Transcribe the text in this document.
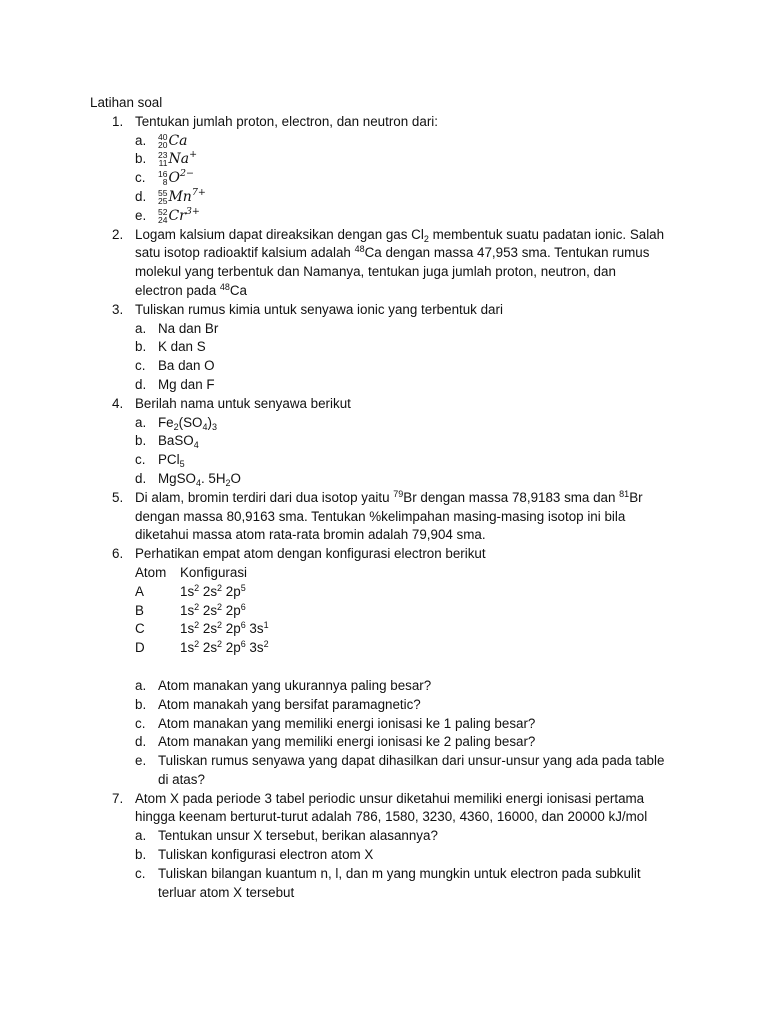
Latihan soal
1. Tentukan jumlah proton, electron, dan neutron dari:
a. 40
20 Ca
b. 23
11 Na+
c. 16
8 $O^{2-}$
d. 55
25 $Mn^{7+}$
e. 52
24 $Cr^{3+}$
2. Logam kalsium dapat direaksikan dengan gas $Cl_2$ membentuk suatu padatan ionic. Salah
satu isotop radioaktif kalsium adalah $^{48}$Ca dengan massa 47,953 sma. Tentukan rumus
molekul yang terbentuk dan Namanya, tentukan juga jumlah proton, neutron, dan
electron pada $^{48}$Ca
3. Tuliskan rumus kimia untuk senyawa ionic yang terbentuk dari
a. Na dan Br
b. K dan S
c. Ba dan O
d. Mg dan F
4. Berilah nama untuk senyawa berikut
a. $Fe_2(SO_4)_3$
b. BaSO$_4$
c. PCl$_5$
d. MgSO$_4$. $5H_2O$
5. Di alam, bromin terdiri dari dua isotop yaitu $^{79}$Br dengan massa 78,9183 sma dan $^{81}$Br
dengan massa 80,9163 sma. Tentukan %kelimpahan masing-masing isotop ini bila
diketahui massa atom rata-rata bromin adalah 79,904 sma.
6. Perhatikan empat atom dengan konfigurasi electron berikut
Atom	Konfigurasi
A	$1s^2$ $2s^2$ $2p^5$
B	$1s^2$ $2s^2$ $2p^6$
C	$1s^2$ $2s^2$ $2p^6$ $3s^1$
D	$1s^2$ $2s^2$ $2p^6$ $3s^2$
a. Atom manakan yang ukurannya paling besar?
b. Atom manakah yang bersifat paramagnetic?
c. Atom manakan yang memiliki energi ionisasi ke 1 paling besar?
d. Atom manakan yang memiliki energi ionisasi ke 2 paling besar?
e. Tuliskan rumus senyawa yang dapat dihasilkan dari unsur-unsur yang ada pada table
di atas?
7. Atom X pada periode 3 tabel periodic unsur diketahui memiliki energi ionisasi pertama
hingga keenam berturut-turut adalah 786, 1580, 3230, 4360, 16000, dan 20000 kJ/mol
a. Tentukan unsur X tersebut, berikan alasannya?
b. Tuliskan konfigurasi electron atom X
c. Tuliskan bilangan kuantum n, l, dan m yang mungkin untuk electron pada subkulit
terluar atom X tersebut
